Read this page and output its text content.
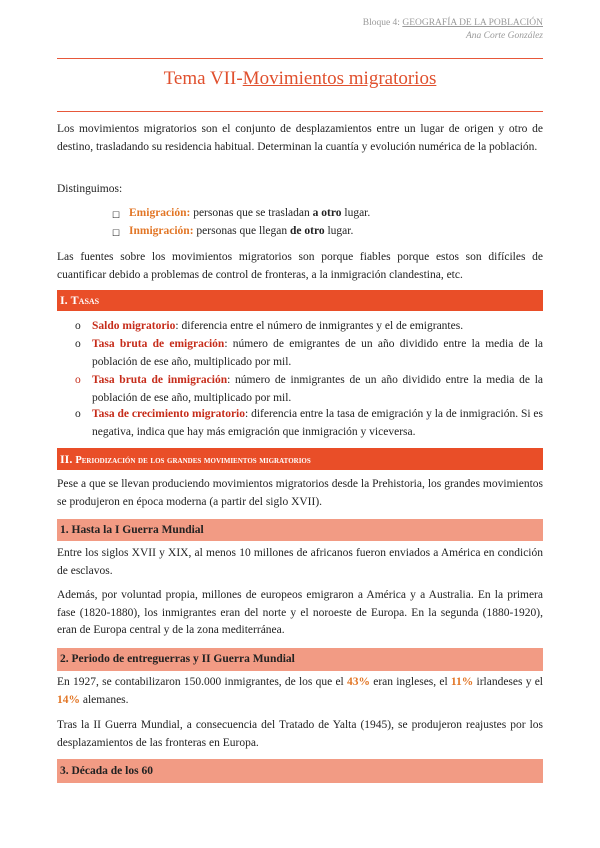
Bloque 4: GEOGRAFÍA DE LA POBLACIÓN
Ana Corte González
Tema VII-Movimientos migratorios
Los movimientos migratorios son el conjunto de desplazamientos entre un lugar de origen y otro de destino, trasladando su residencia habitual. Determinan la cuantía y evolución numérica de la población.
Distinguimos:
☐ Emigración: personas que se trasladan a otro lugar.
☐ Inmigración: personas que llegan de otro lugar.
Las fuentes sobre los movimientos migratorios son porque fiables porque estos son difíciles de cuantificar debido a problemas de control de fronteras, a la inmigración clandestina, etc.
I. Tasas
o Saldo migratorio: diferencia entre el número de inmigrantes y el de emigrantes.
o Tasa bruta de emigración: número de emigrantes de un año dividido entre la media de la población de ese año, multiplicado por mil.
o Tasa bruta de inmigración: número de inmigrantes de un año dividido entre la media de la población de ese año, multiplicado por mil.
o Tasa de crecimiento migratorio: diferencia entre la tasa de emigración y la de inmigración. Si es negativa, indica que hay más emigración que inmigración y viceversa.
II. Periodización de los grandes movimientos migratorios
Pese a que se llevan produciendo movimientos migratorios desde la Prehistoria, los grandes movimientos se produjeron en época moderna (a partir del siglo XVII).
1. Hasta la I Guerra Mundial
Entre los siglos XVII y XIX, al menos 10 millones de africanos fueron enviados a América en condición de esclavos.
Además, por voluntad propia, millones de europeos emigraron a América y a Australia. En la primera fase (1820-1880), los inmigrantes eran del norte y el noroeste de Europa. En la segunda (1880-1920), eran de Europa central y de la zona mediterránea.
2. Periodo de entreguerras y II Guerra Mundial
En 1927, se contabilizaron 150.000 inmigrantes, de los que el 43% eran ingleses, el 11% irlandeses y el 14% alemanes.
Tras la II Guerra Mundial, a consecuencia del Tratado de Yalta (1945), se produjeron reajustes por los desplazamientos de las fronteras en Europa.
3. Década de los 60
